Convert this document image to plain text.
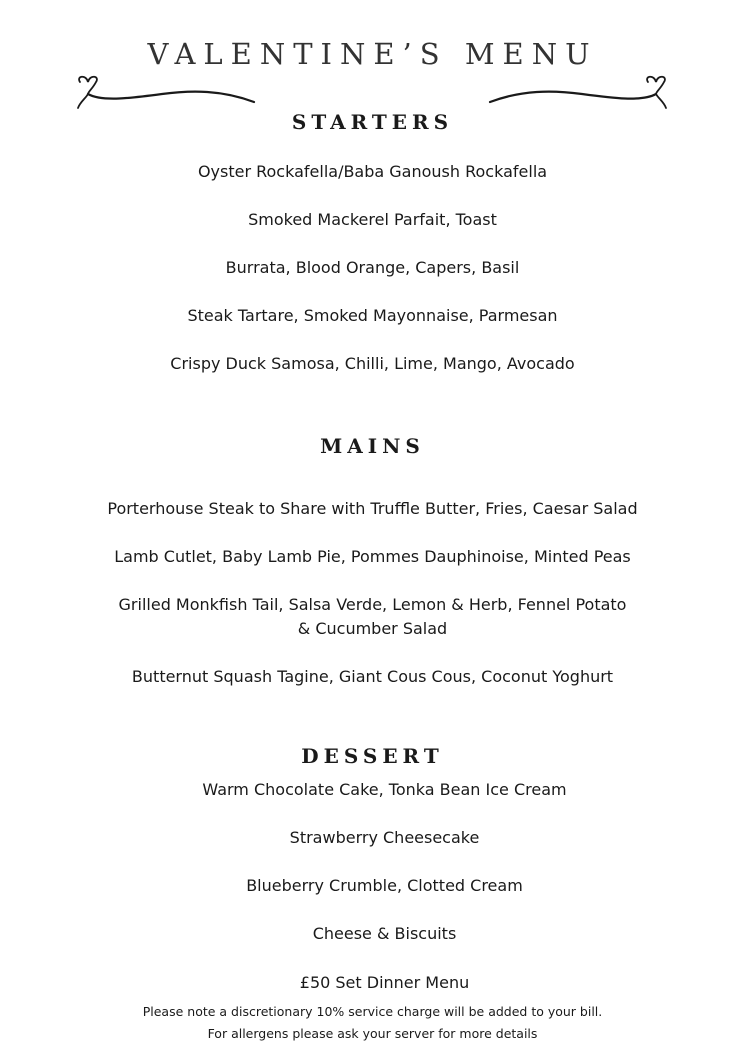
VALENTINE’S MENU
STARTERS
Oyster Rockafella/Baba Ganoush Rockafella
Smoked Mackerel Parfait, Toast
Burrata, Blood Orange, Capers, Basil
Steak Tartare, Smoked Mayonnaise, Parmesan
Crispy Duck Samosa, Chilli, Lime, Mango, Avocado
MAINS
Porterhouse Steak to Share with Truffle Butter, Fries, Caesar Salad
Lamb Cutlet, Baby Lamb Pie, Pommes Dauphinoise, Minted Peas
Grilled Monkfish Tail, Salsa Verde, Lemon & Herb, Fennel Potato
& Cucumber Salad
Butternut Squash Tagine, Giant Cous Cous, Coconut Yoghurt
DESSERT
Warm Chocolate Cake, Tonka Bean Ice Cream
Strawberry Cheesecake
Blueberry Crumble, Clotted Cream
Cheese & Biscuits
£50 Set Dinner Menu
Please note a discretionary 10% service charge will be added to your bill.
For allergens please ask your server for more details
